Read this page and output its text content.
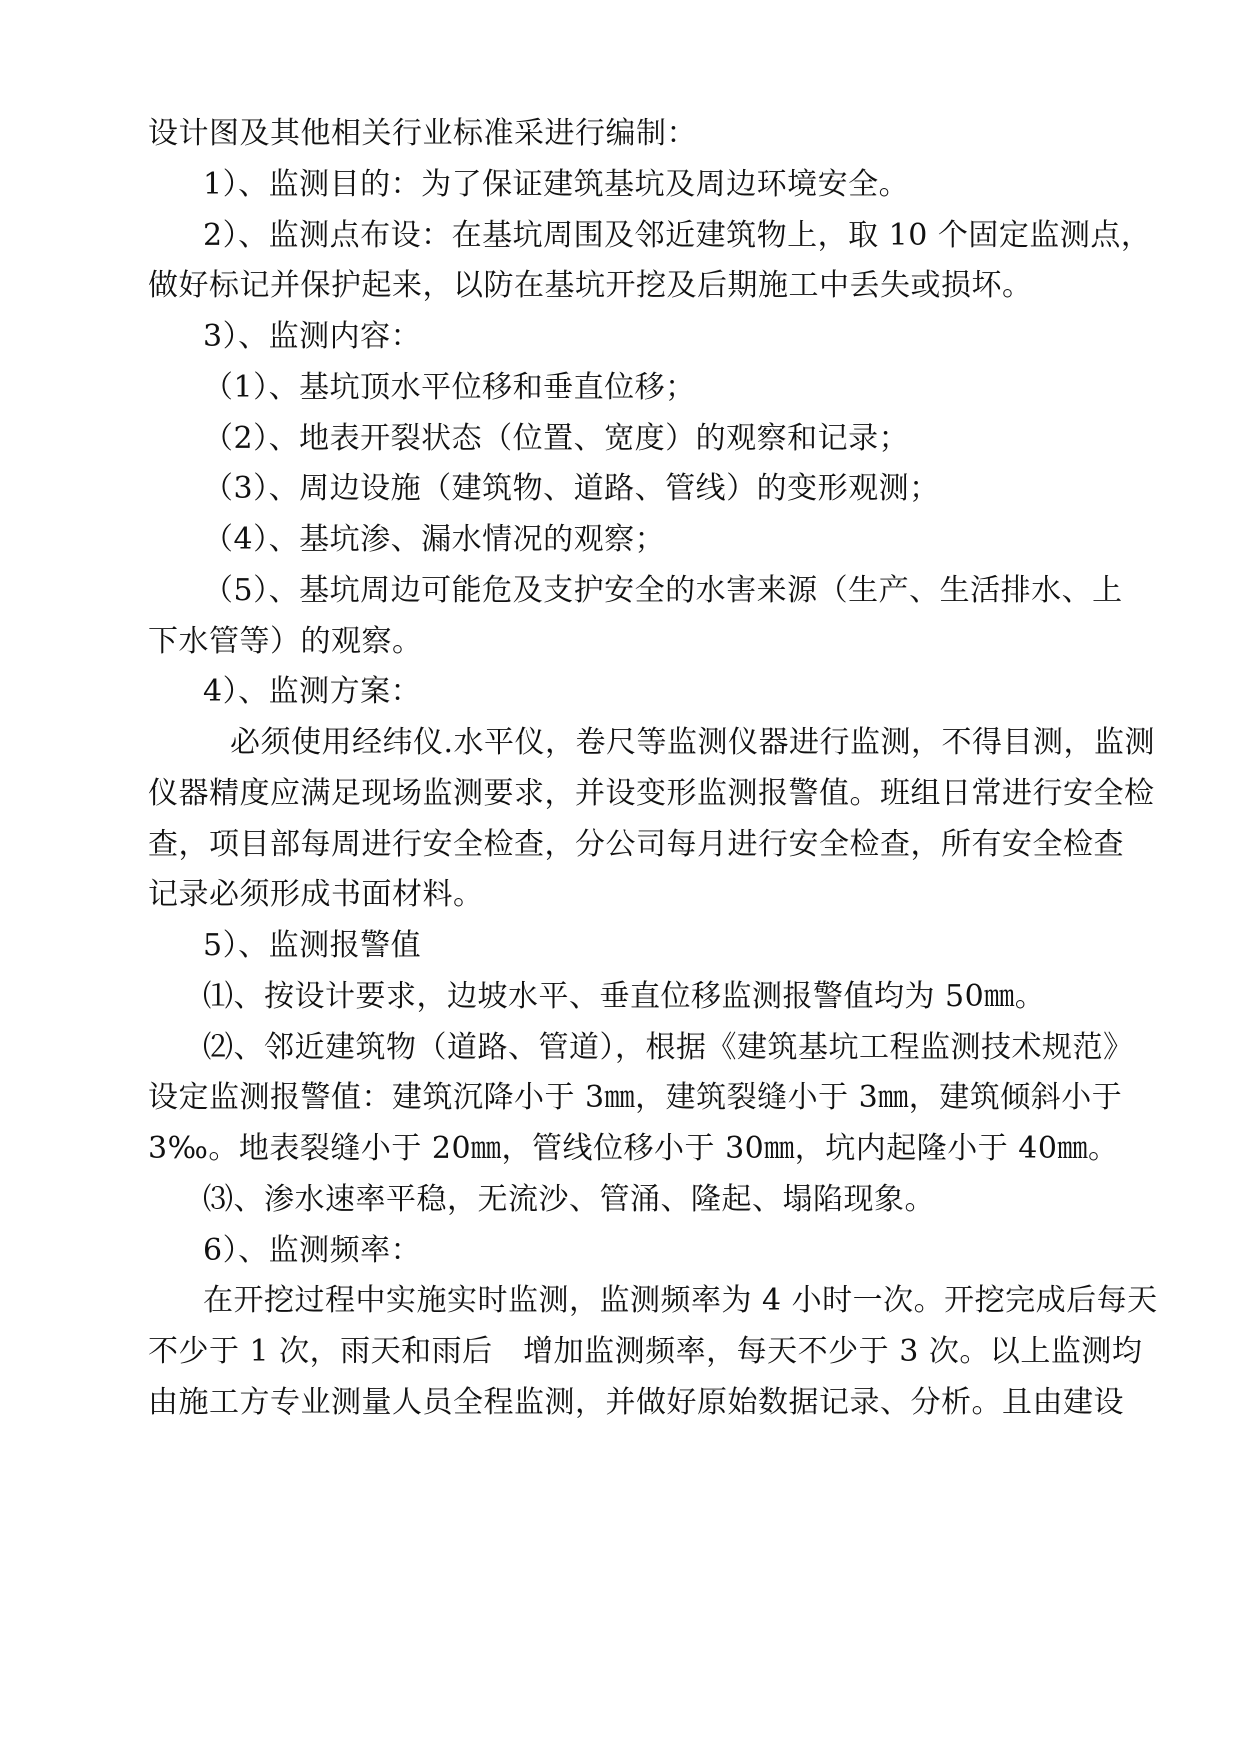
设计图及其他相关行业标准采进行编制：
1）、监测目的：为了保证建筑基坑及周边环境安全。
2）、监测点布设：在基坑周围及邻近建筑物上，取 10 个固定监测点，
做好标记并保护起来，以防在基坑开挖及后期施工中丢失或损坏。
3）、监测内容：
（1）、基坑顶水平位移和垂直位移；
（2）、地表开裂状态（位置、宽度）的观察和记录；
（3）、周边设施（建筑物、道路、管线）的变形观测；
（4）、基坑渗、漏水情况的观察；
（5）、基坑周边可能危及支护安全的水害来源（生产、生活排水、上
下水管等）的观察。
4）、监测方案：
必须使用经纬仪.水平仪，卷尺等监测仪器进行监测，不得目测，监测
仪器精度应满足现场监测要求，并设变形监测报警值。班组日常进行安全检
查，项目部每周进行安全检查，分公司每月进行安全检查，所有安全检查
记录必须形成书面材料。
5）、监测报警值
⑴、按设计要求，边坡水平、垂直位移监测报警值均为 50㎜。
⑵、邻近建筑物（道路、管道），根据《建筑基坑工程监测技术规范》
设定监测报警值：建筑沉降小于 3㎜，建筑裂缝小于 3㎜，建筑倾斜小于
3‰。地表裂缝小于 20㎜，管线位移小于 30㎜，坑内起隆小于 40㎜。
⑶、渗水速率平稳，无流沙、管涌、隆起、塌陷现象。
6）、监测频率：
在开挖过程中实施实时监测，监测频率为 4 小时一次。开挖完成后每天
不少于 1 次，雨天和雨后　增加监测频率，每天不少于 3 次。以上监测均
由施工方专业测量人员全程监测，并做好原始数据记录、分析。且由建设
